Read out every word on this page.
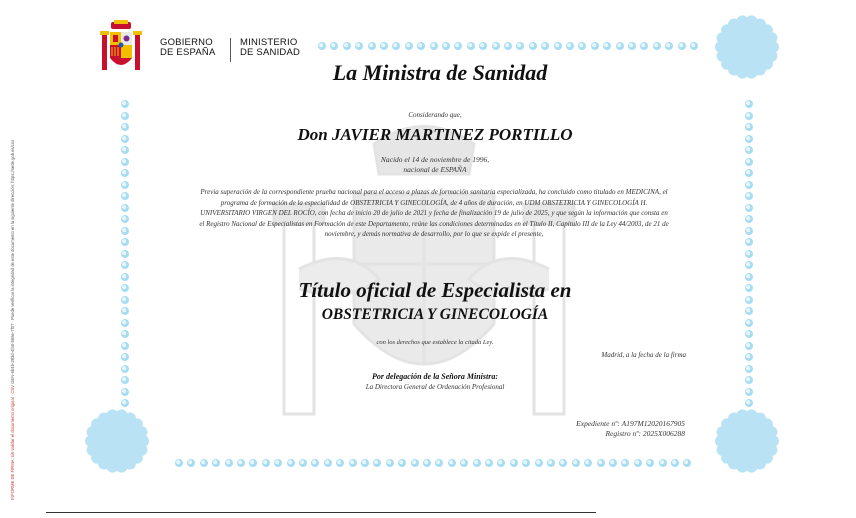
INFORME DE FIRMA: sin validar el documento original · CSV GEN-6b4b-283d-4f40-b65e-7f07 · Puede verificar la integridad de este documento en la siguiente dirección: https://sede.gob.es/csv
GOBIERNO
DE ESPAÑA
MINISTERIO
DE SANIDAD
La Ministra de Sanidad
Considerando que,
Don JAVIER MARTINEZ PORTILLO
Nacido el 14 de noviembre de 1996,
nacional de ESPAÑA
Previa superación de la correspondiente prueba nacional para el acceso a plazas de formación sanitaria especializada, ha concluido como titulado en MEDICINA, el programa de formación de la especialidad de OBSTETRICIA Y GINECOLOGÍA, de 4 años de duración, en UDM OBSTETRICIA Y GINECOLOGÍA H. UNIVERSITARIO VIRGEN DEL ROCÍO, con fecha de inicio 20 de julio de 2021 y fecha de finalización 19 de julio de 2025, y que según la información que consta en el Registro Nacional de Especialistas en Formación de este Departamento, reúne las condiciones determinadas en el Título II, Capítulo III de la Ley 44/2003, de 21 de noviembre, y demás normativa de desarrollo, por lo que se expide el presente,
Título oficial de Especialista en
OBSTETRICIA Y GINECOLOGÍA
con los derechos que establece la citada Ley.
Madrid, a la fecha de la firma
Por delegación de la Señora Ministra:
La Directora General de Ordenación Profesional
Expediente nº: A197M12020167905
Registro nº: 2025X006288
